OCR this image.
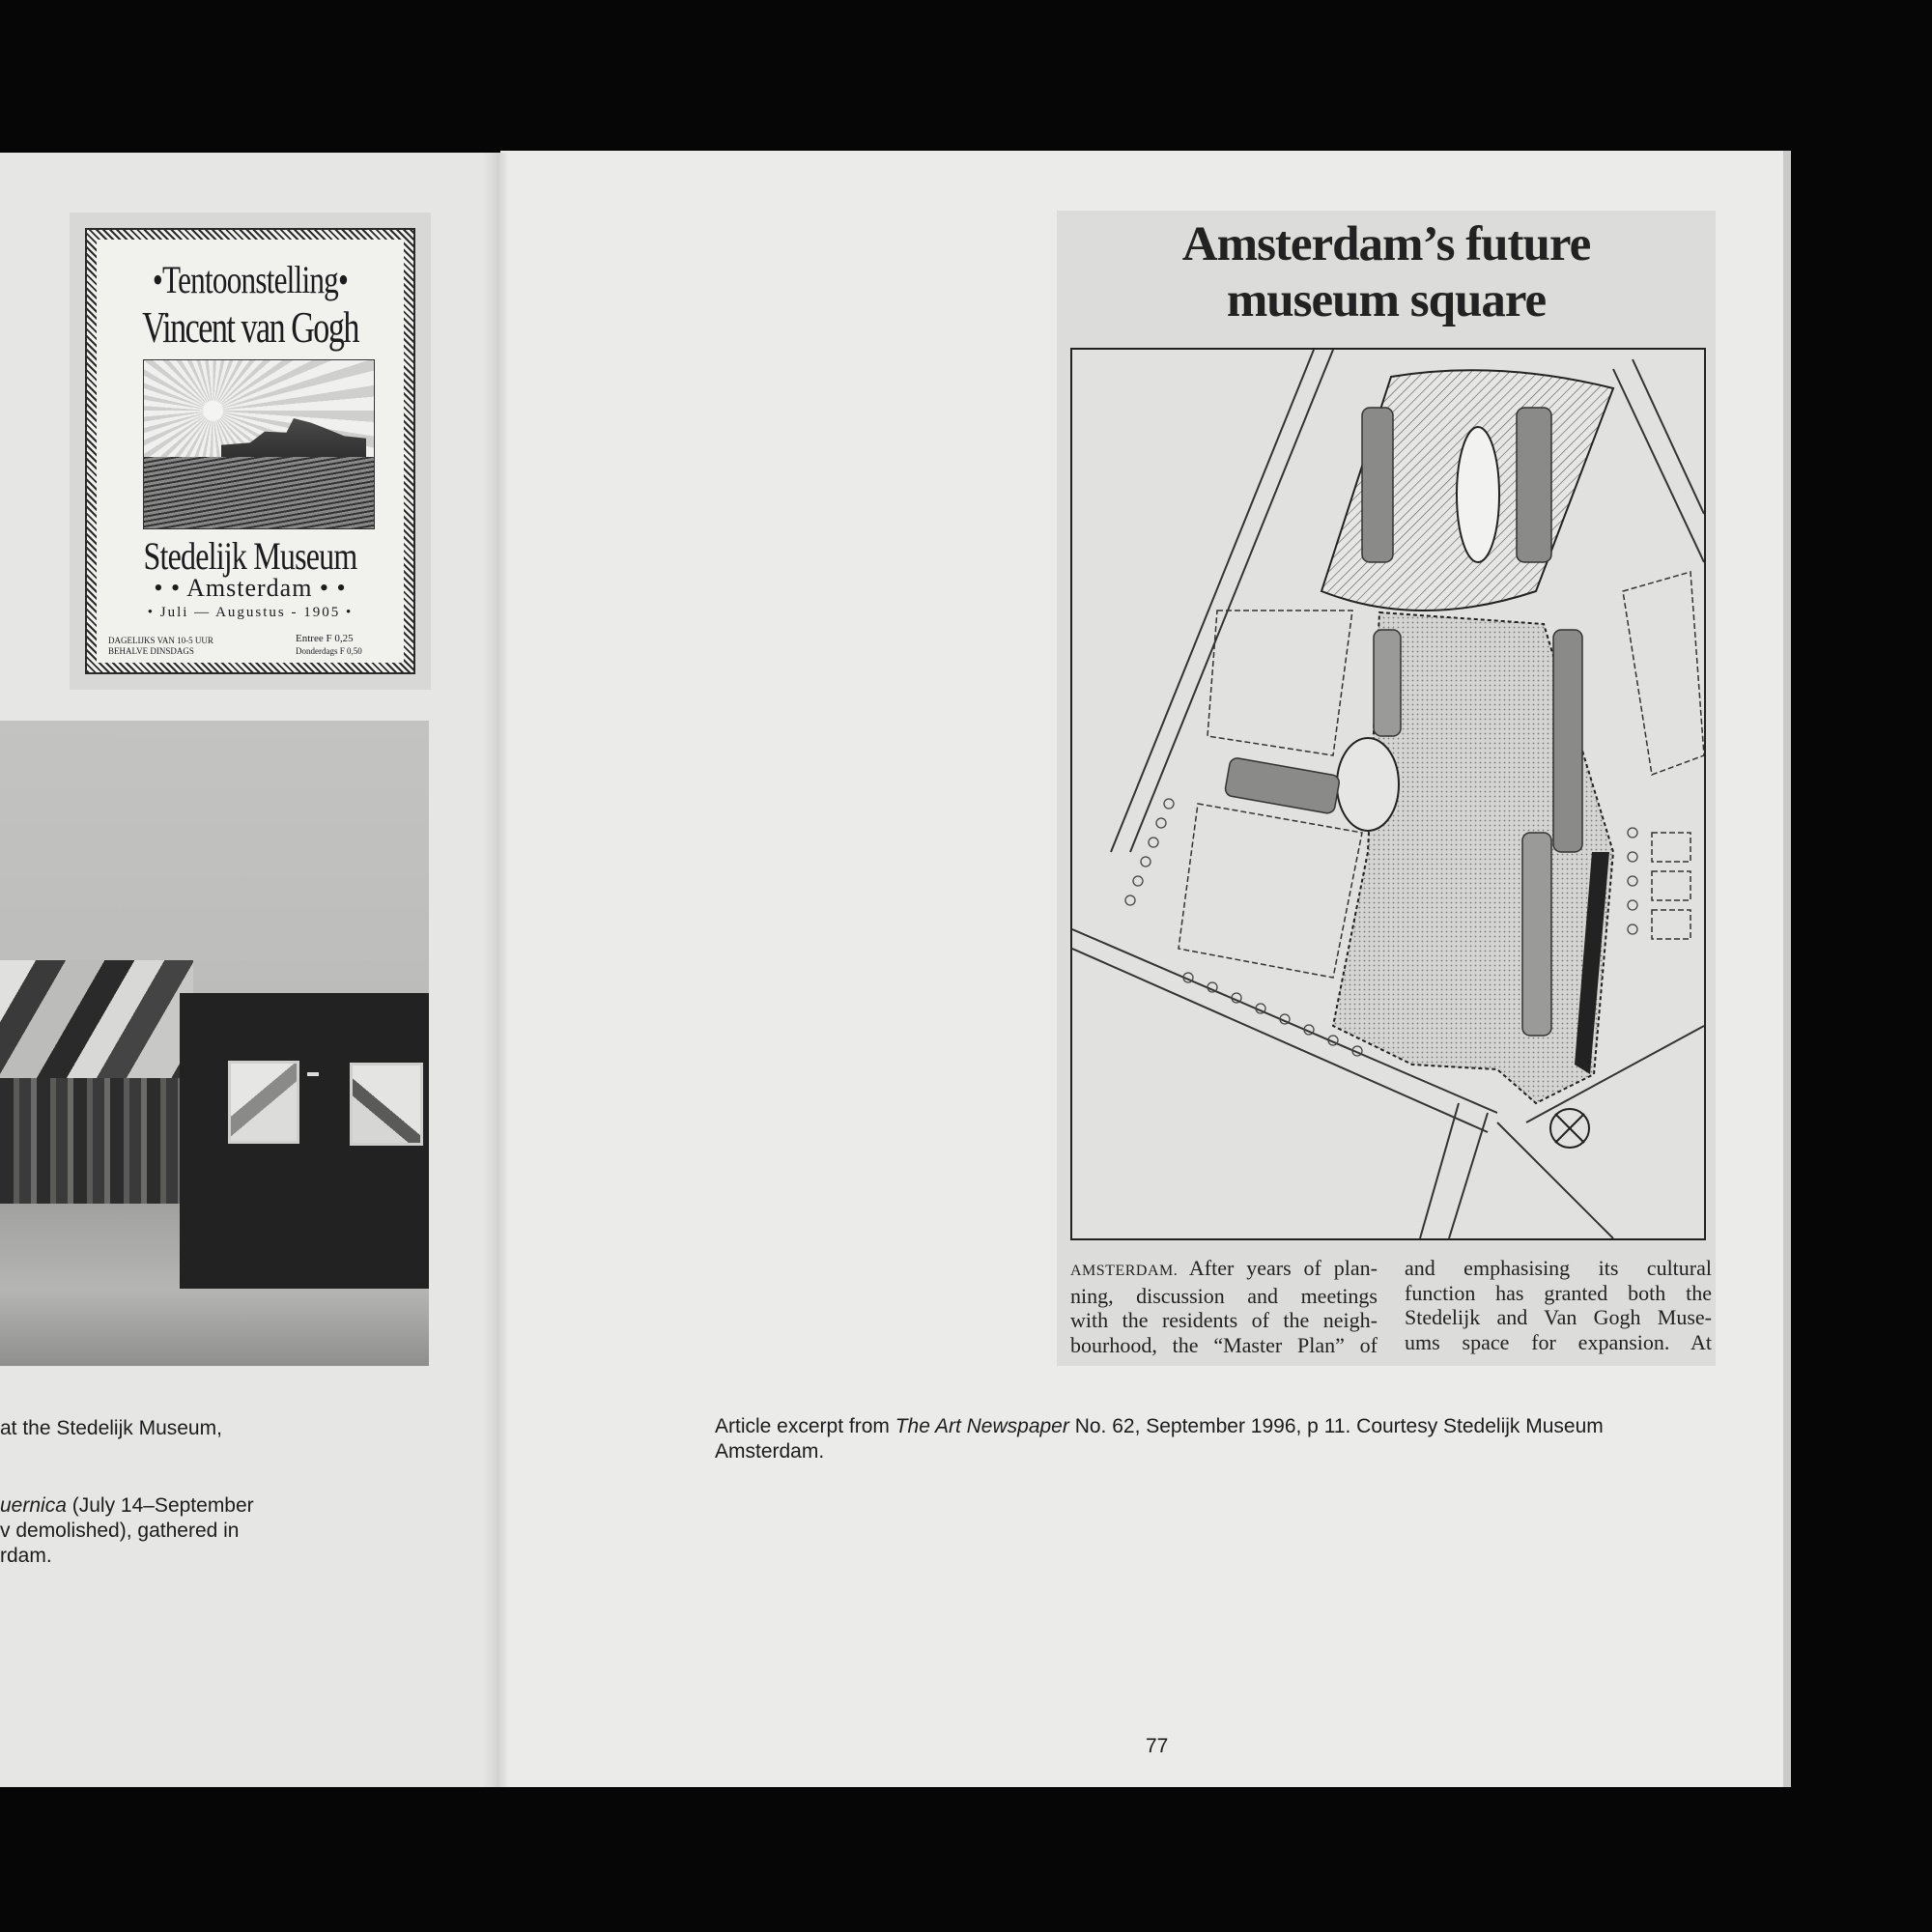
•Tentoonstelling•
Vincent van Gogh
Stedelijk Museum
• • Amsterdam • •
• Juli — Augustus - 1905 •
DAGELIJKS VAN 10-5 UUR
BEHALVE DINSDAGS
Entree F 0,25
Donderdags F 0,50
at the Stedelijk Museum,
uernica (July 14–September
v demolished), gathered in
rdam.
Amsterdam’s future
museum square
AMSTERDAM. After years of plan-
ning, discussion and meetings
with the residents of the neigh-
bourhood, the “Master Plan” of
and emphasising its cultural
function has granted both the
Stedelijk and Van Gogh Muse-
ums space for expansion. At
Article excerpt from The Art Newspaper No. 62, September 1996, p 11. Courtesy Stedelijk Museum Amsterdam.
77
